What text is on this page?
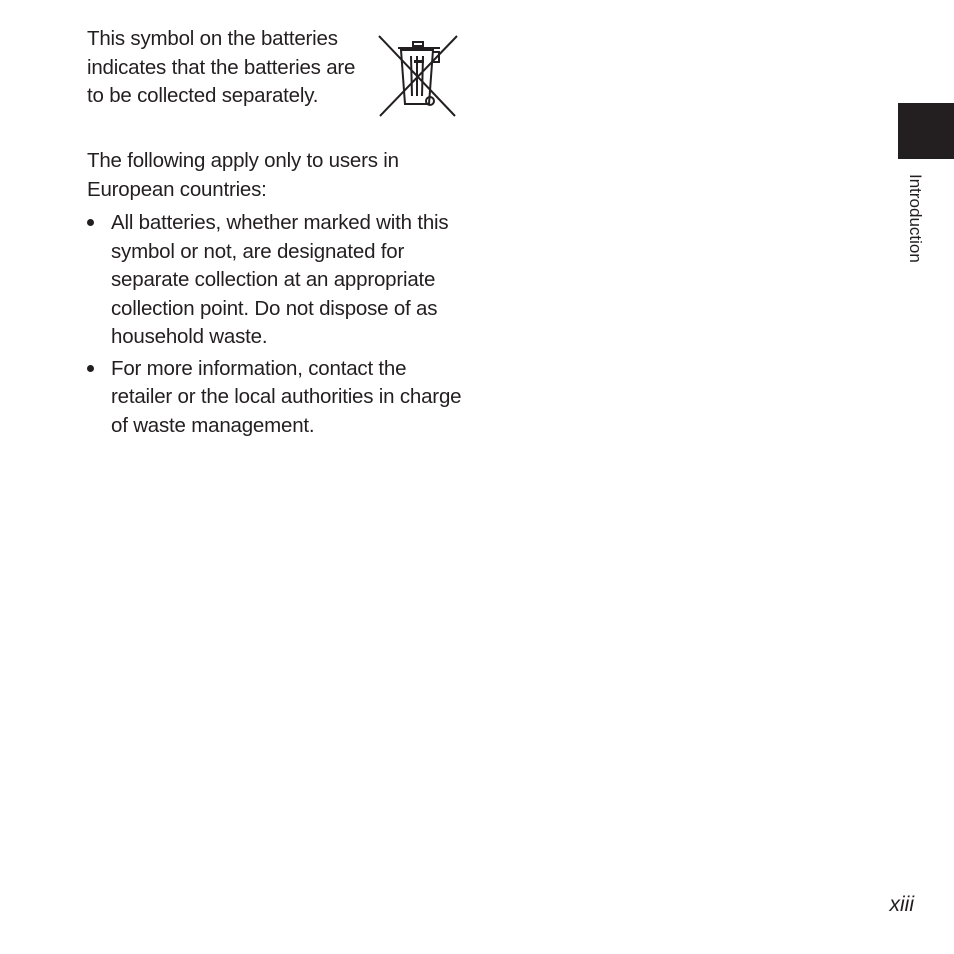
This symbol on the batteries indicates that the batteries are to be collected separately.

The following apply only to users in European countries:

All batteries, whether marked with this symbol or not, are designated for separate collection at an appropriate collection point. Do not dispose of as household waste.
For more information, contact the retailer or the local authorities in charge of waste management.
Introduction
xiii
